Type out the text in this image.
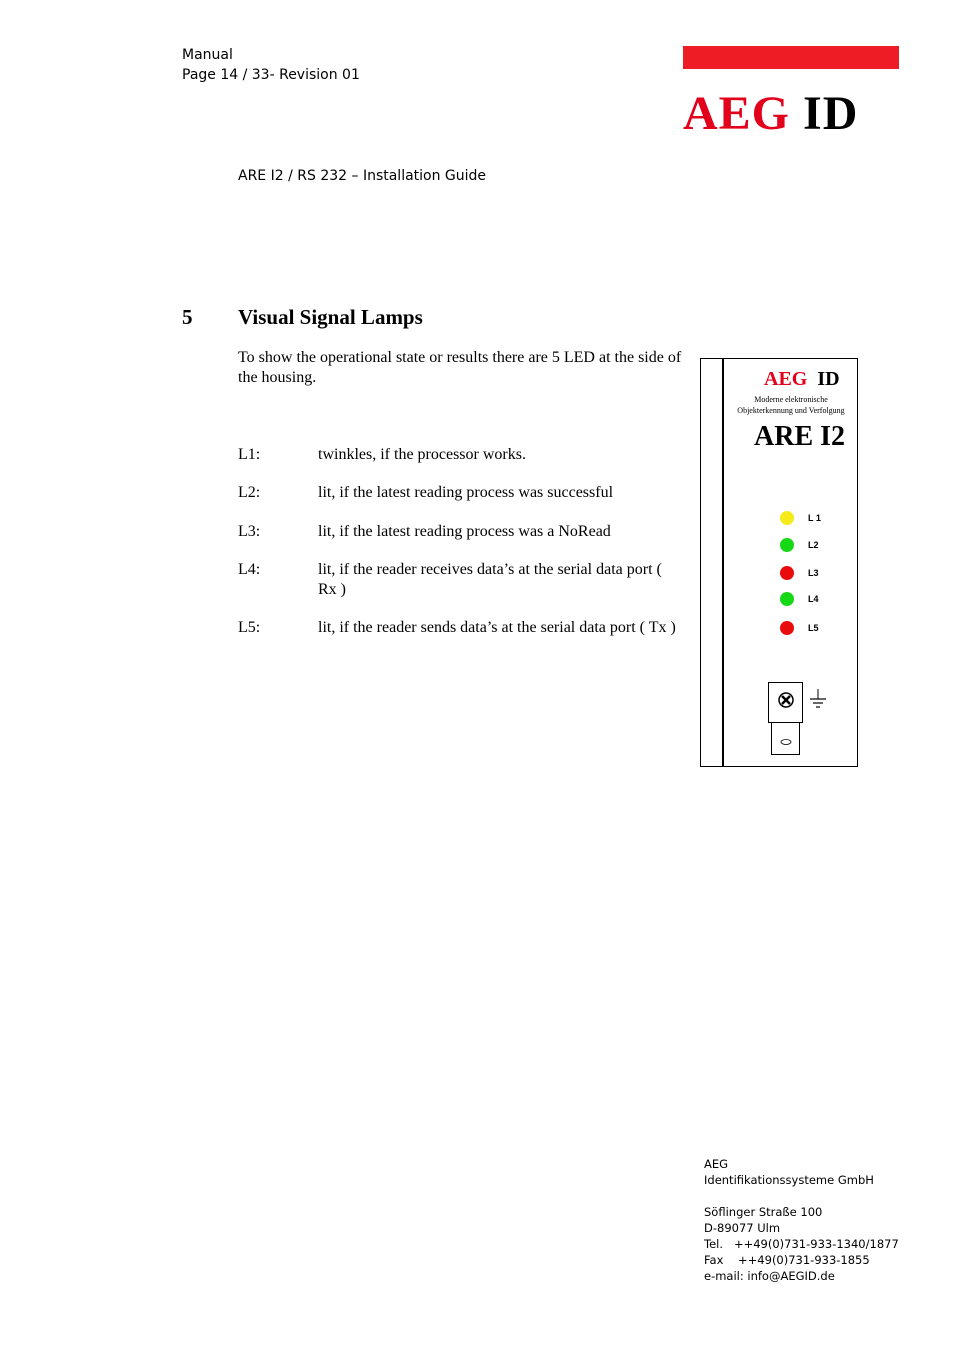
Manual
Page 14 / 33- Revision 01
AEG ID
ARE I2 / RS 232 – Installation Guide
5 Visual Signal Lamps
To show the operational state or results there are 5 LED at the side of the housing.
L1:	twinkles, if the processor works.
L2:	lit, if the latest reading process was successful
L3:	lit, if the latest reading process was a NoRead
L4:	lit, if the reader receives data’s at the serial data port ( Rx )
L5:	lit, if the reader sends data’s at the serial data port ( Tx )
AEG ID
Moderne elektronische
Objekterkennung und Verfolgung
ARE I2
L 1
L2
L3
L4
L5
AEG
Identifikationssysteme GmbH
Söflinger Straße 100
D-89077 Ulm
Tel.   ++49(0)731-933-1340/1877
Fax    ++49(0)731-933-1855
e-mail: info@AEGID.de
